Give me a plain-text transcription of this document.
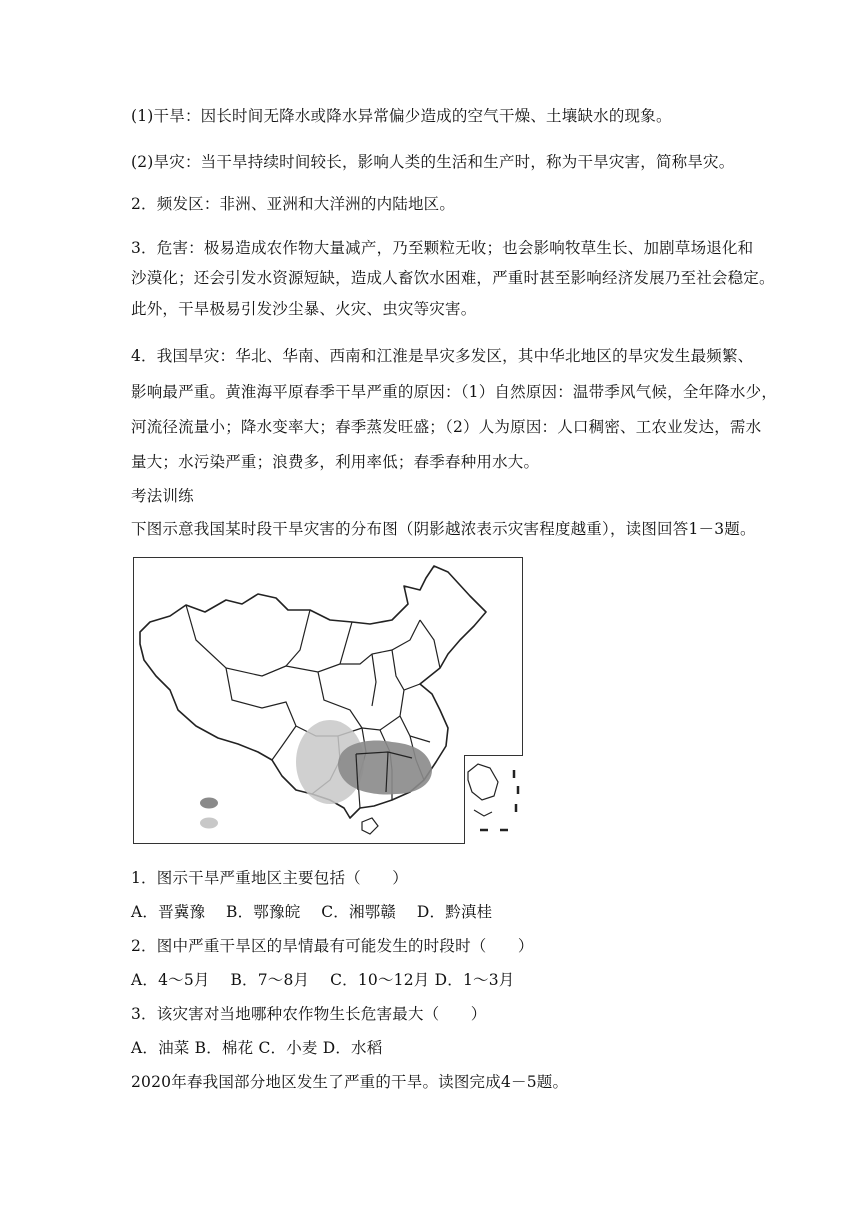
(1)干旱：因长时间无降水或降水异常偏少造成的空气干燥、土壤缺水的现象。
(2)旱灾：当干旱持续时间较长，影响人类的生活和生产时，称为干旱灾害，简称旱灾。
2．频发区：非洲、亚洲和大洋洲的内陆地区。
3．危害：极易造成农作物大量减产，乃至颗粒无收；也会影响牧草生长、加剧草场退化和
沙漠化；还会引发水资源短缺，造成人畜饮水困难，严重时甚至影响经济发展乃至社会稳定。
此外，干旱极易引发沙尘暴、火灾、虫灾等灾害。
4．我国旱灾：华北、华南、西南和江淮是旱灾多发区，其中华北地区的旱灾发生最频繁、
影响最严重。黄淮海平原春季干旱严重的原因：（1）自然原因：温带季风气候，全年降水少，
河流径流量小；降水变率大；春季蒸发旺盛；（2）人为原因：人口稠密、工农业发达，需水
量大；水污染严重；浪费多，利用率低；春季春种用水大。
考法训练
下图示意我国某时段干旱灾害的分布图（阴影越浓表示灾害程度越重），读图回答1－3题。
1．图示干旱严重地区主要包括（　　）
A．晋冀豫　 B．鄂豫皖　 C．湘鄂赣　 D．黔滇桂
2．图中严重干旱区的旱情最有可能发生的时段时（　　）
A．4～5月　 B．7～8月　 C．10～12月 D．1～3月
3．该灾害对当地哪种农作物生长危害最大（　　）
A．油菜 B．棉花 C．小麦 D．水稻
2020年春我国部分地区发生了严重的干旱。读图完成4－5题。
